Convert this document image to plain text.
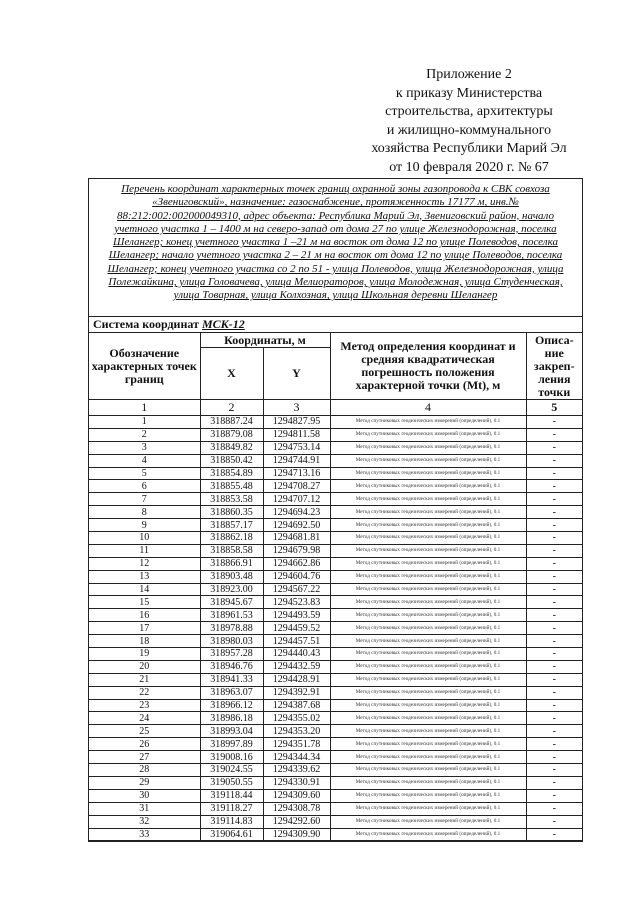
Приложение 2
к приказу Министерства
строительства, архитектуры
и жилищно-коммунального
хозяйства Республики Марий Эл
от 10 февраля 2020 г. № 67
Перечень координат характерных точек границ охранной зоны газопровода к СВК совхоза «Звениговский», назначение: газоснабжение, протяженность 17177 м, инв.№ 88:212:002:002000049310, адрес объекта: Республика Марий Эл, Звениговский район, начало учетного участка 1 – 1400 м на северо-запад от дома 27 по улице Железнодорожная, поселка Шелангер; конец учетного участка 1 –21 м на восток от дома 12 по улице Полеводов, поселка Шелангер; начало учетного участка 2 – 21 м на восток от дома 12 по улице Полеводов, поселка Шелангер; конец учетного участка со 2 по 51 - улица Полеводов, улица Железнодорожная, улица Полежайкина, улица Головачева, улица Мелиораторов, улица Молодежная, улица Студенческая, улица Товарная, улица Колхозная, улица Школьная деревни Шелангер
Система координат МСК-12				
Обозначение характерных точек границ	Координаты, м		Метод определения координат и средняя квадратическая погрешность положения характерной точки (Mt), м	Описа-ние закреп-ления точки
	X	Y		
1	2	3	4	5
1	318887.24	1294827.95	Метод спутниковых геодезических измерений (определений), 0.1	-
2	318879.08	1294811.58	Метод спутниковых геодезических измерений (определений), 0.1	-
3	318849.82	1294753.14	Метод спутниковых геодезических измерений (определений), 0.1	-
4	318850.42	1294744.91	Метод спутниковых геодезических измерений (определений), 0.1	-
5	318854.89	1294713.16	Метод спутниковых геодезических измерений (определений), 0.1	-
6	318855.48	1294708.27	Метод спутниковых геодезических измерений (определений), 0.1	-
7	318853.58	1294707.12	Метод спутниковых геодезических измерений (определений), 0.1	-
8	318860.35	1294694.23	Метод спутниковых геодезических измерений (определений), 0.1	-
9	318857.17	1294692.50	Метод спутниковых геодезических измерений (определений), 0.1	-
10	318862.18	1294681.81	Метод спутниковых геодезических измерений (определений), 0.1	-
11	318858.58	1294679.98	Метод спутниковых геодезических измерений (определений), 0.1	-
12	318866.91	1294662.86	Метод спутниковых геодезических измерений (определений), 0.1	-
13	318903.48	1294604.76	Метод спутниковых геодезических измерений (определений), 0.1	-
14	318923.00	1294567.22	Метод спутниковых геодезических измерений (определений), 0.1	-
15	318945.67	1294523.83	Метод спутниковых геодезических измерений (определений), 0.1	-
16	318961.53	1294493.59	Метод спутниковых геодезических измерений (определений), 0.1	-
17	318978.88	1294459.52	Метод спутниковых геодезических измерений (определений), 0.1	-
18	318980.03	1294457.51	Метод спутниковых геодезических измерений (определений), 0.1	-
19	318957.28	1294440.43	Метод спутниковых геодезических измерений (определений), 0.1	-
20	318946.76	1294432.59	Метод спутниковых геодезических измерений (определений), 0.1	-
21	318941.33	1294428.91	Метод спутниковых геодезических измерений (определений), 0.1	-
22	318963.07	1294392.91	Метод спутниковых геодезических измерений (определений), 0.1	-
23	318966.12	1294387.68	Метод спутниковых геодезических измерений (определений), 0.1	-
24	318986.18	1294355.02	Метод спутниковых геодезических измерений (определений), 0.1	-
25	318993.04	1294353.20	Метод спутниковых геодезических измерений (определений), 0.1	-
26	318997.89	1294351.78	Метод спутниковых геодезических измерений (определений), 0.1	-
27	319008.16	1294344.34	Метод спутниковых геодезических измерений (определений), 0.1	-
28	319024.55	1294339.62	Метод спутниковых геодезических измерений (определений), 0.1	-
29	319050.55	1294330.91	Метод спутниковых геодезических измерений (определений), 0.1	-
30	319118.44	1294309.60	Метод спутниковых геодезических измерений (определений), 0.1	-
31	319118.27	1294308.78	Метод спутниковых геодезических измерений (определений), 0.1	-
32	319114.83	1294292.60	Метод спутниковых геодезических измерений (определений), 0.1	-
33	319064.61	1294309.90	Метод спутниковых геодезических измерений (определений), 0.1	-
